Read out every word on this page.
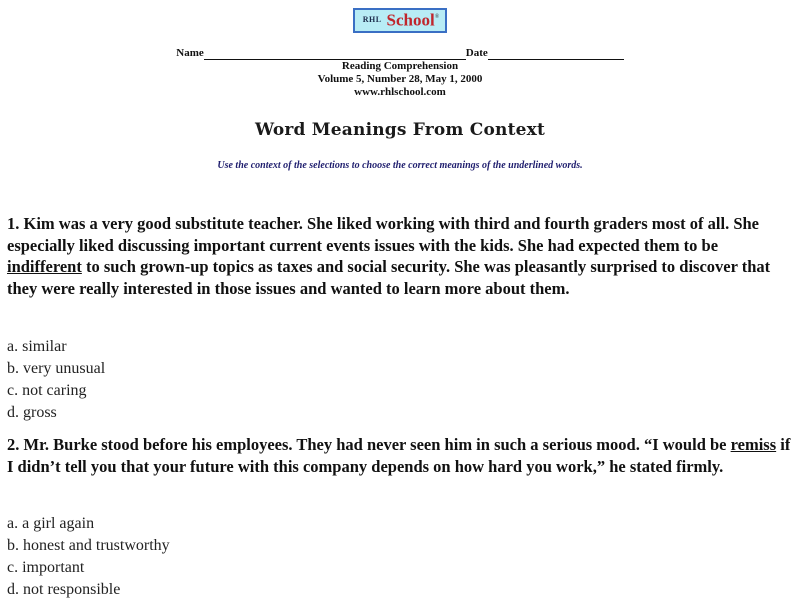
RHL School®
Name	Date
Reading Comprehension
Volume 5, Number 28, May 1, 2000
www.rhlschool.com
Word Meanings From Context
Use the context of the selections to choose the correct meanings of the underlined words.
1. Kim was a very good substitute teacher. She liked working with third and fourth graders most of all. She especially liked discussing important current events issues with the kids. She had expected them to be indifferent to such grown-up topics as taxes and social security. She was pleasantly surprised to discover that they were really interested in those issues and wanted to learn more about them.
a. similar
b. very unusual
c. not caring
d. gross
2. Mr. Burke stood before his employees. They had never seen him in such a serious mood. “I would be remiss if I didn’t tell you that your future with this company depends on how hard you work,” he stated firmly.
a. a girl again
b. honest and trustworthy
c. important
d. not responsible
